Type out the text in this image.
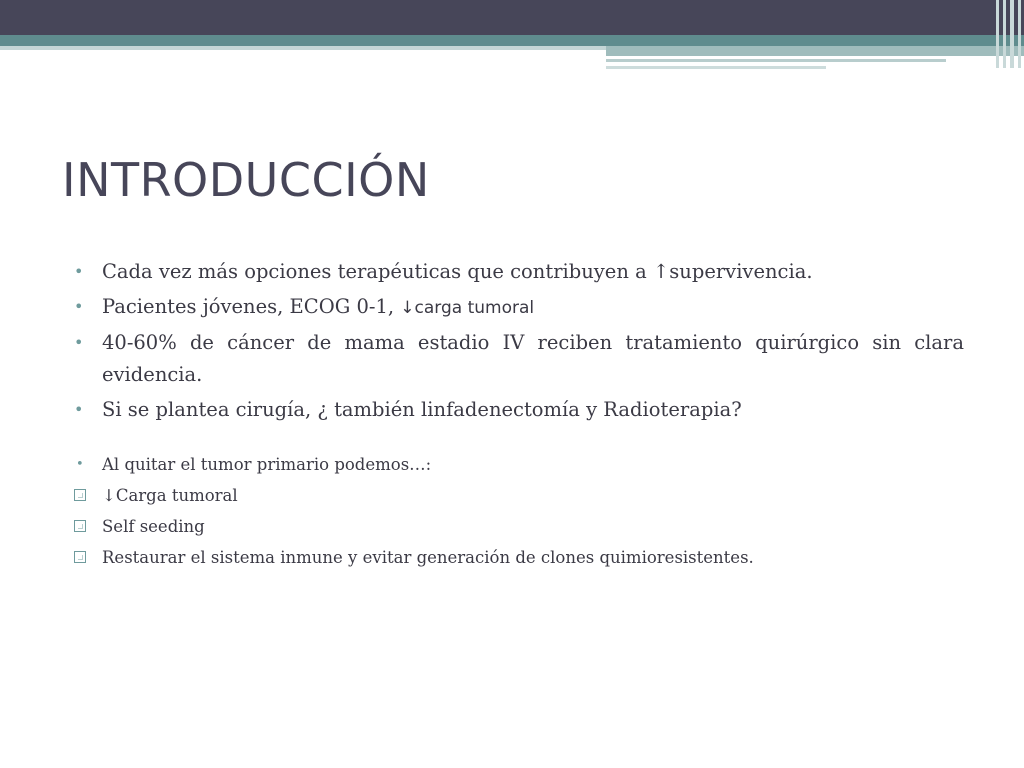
INTRODUCCIÓN
• Cada vez más opciones terapéuticas que contribuyen a ↑supervivencia.
• Pacientes jóvenes, ECOG 0-1, ↓carga tumoral
• 40-60% de cáncer de mama estadio IV reciben tratamiento quirúrgico sin clara evidencia.
• Si se plantea cirugía, ¿ también linfadenectomía y Radioterapia?
• Al quitar el tumor primario podemos…:
↓Carga tumoral
Self seeding
Restaurar el sistema inmune y evitar generación de clones quimioresistentes.
